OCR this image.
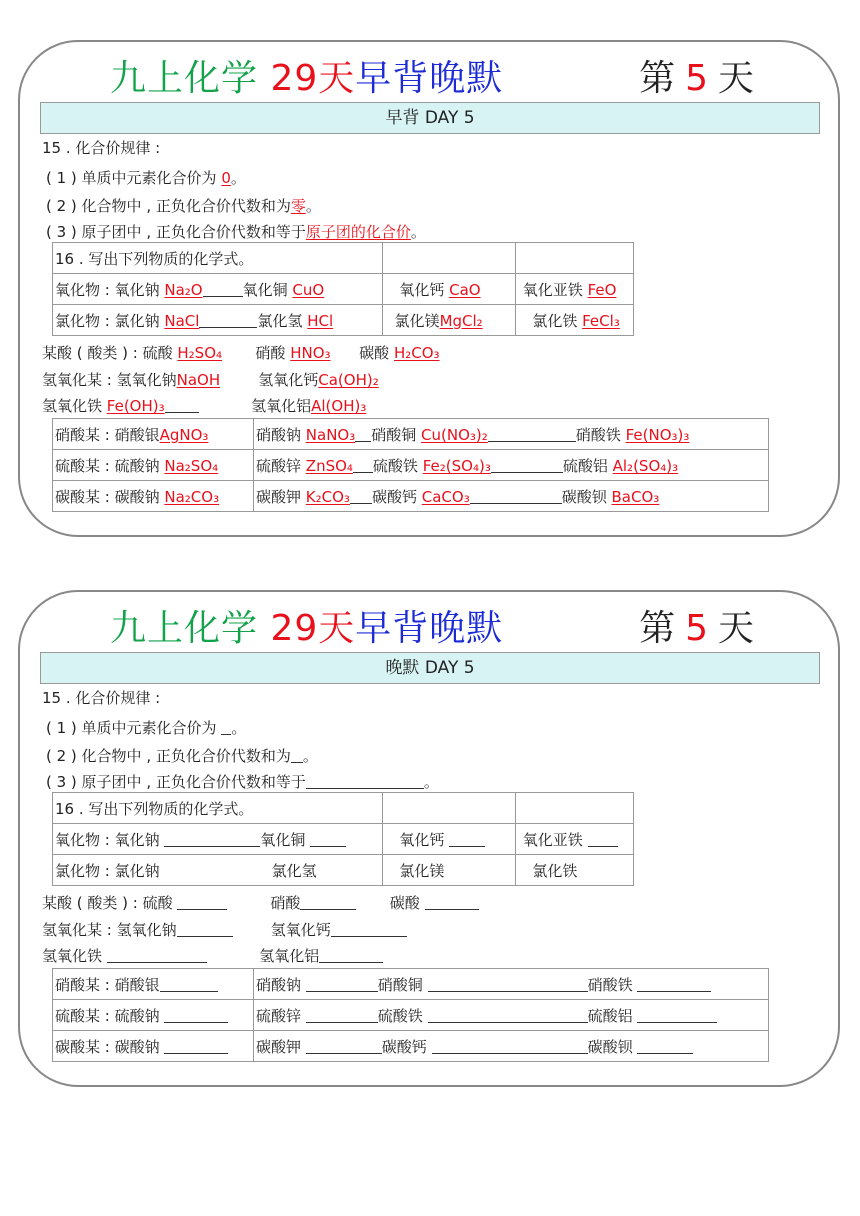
九上化学 29天早背晚默	第 5 天
早背 DAY 5
15 . 化合价规律 :
( 1 ) 单质中元素化合价为 0。
( 2 ) 化合物中 , 正负化合价代数和为零。
( 3 ) 原子团中 , 正负化合价代数和等于原子团的化合价。
16 . 写出下列物质的化学式。		
氧化物 : 氧化钠 Na₂O 氧化铜 CuO	氧化钙 CaO	氧化亚铁 FeO
氯化物 : 氯化钠 NaCl 氯化氢 HCl	氯化镁MgCl₂	氯化铁 FeCl₃
某酸 ( 酸类 ) : 硫酸 H₂SO₄ 硝酸 HNO₃ 碳酸 H₂CO₃
氢氧化某 : 氢氧化钠NaOH	氢氧化钙Ca(OH)₂
氢氧化铁 Fe(OH)₃	氢氧化铝Al(OH)₃
硝酸某 : 硝酸银AgNO₃	硝酸钠 NaNO₃ 硝酸铜 Cu(NO₃)₂ 硝酸铁 Fe(NO₃)₃
硫酸某 : 硫酸钠 Na₂SO₄	硫酸锌 ZnSO₄ 硫酸铁 Fe₂(SO₄)₃ 硫酸铝 Al₂(SO₄)₃
碳酸某 : 碳酸钠 Na₂CO₃	碳酸钾 K₂CO₃ 碳酸钙 CaCO₃ 碳酸钡 BaCO₃
九上化学 29天早背晚默	第 5 天
晚默 DAY 5
15 . 化合价规律 :
( 1 ) 单质中元素化合价为 。
( 2 ) 化合物中 , 正负化合价代数和为 。
( 3 ) 原子团中 , 正负化合价代数和等于	。
16 . 写出下列物质的化学式。		
氧化物 : 氧化钠 氧化铜	氧化钙	氧化亚铁
氯化物 : 氯化钠 氯化氢	氯化镁	氯化铁
某酸 ( 酸类 ) : 硫酸	硝酸	碳酸
氢氧化某 : 氢氧化钠	氢氧化钙
氢氧化铁	氢氧化铝
硝酸某 : 硝酸银	硝酸钠 硝酸铜 硝酸铁
硫酸某 : 硫酸钠	硫酸锌 硫酸铁 硫酸铝
碳酸某 : 碳酸钠	碳酸钾 碳酸钙 碳酸钡
